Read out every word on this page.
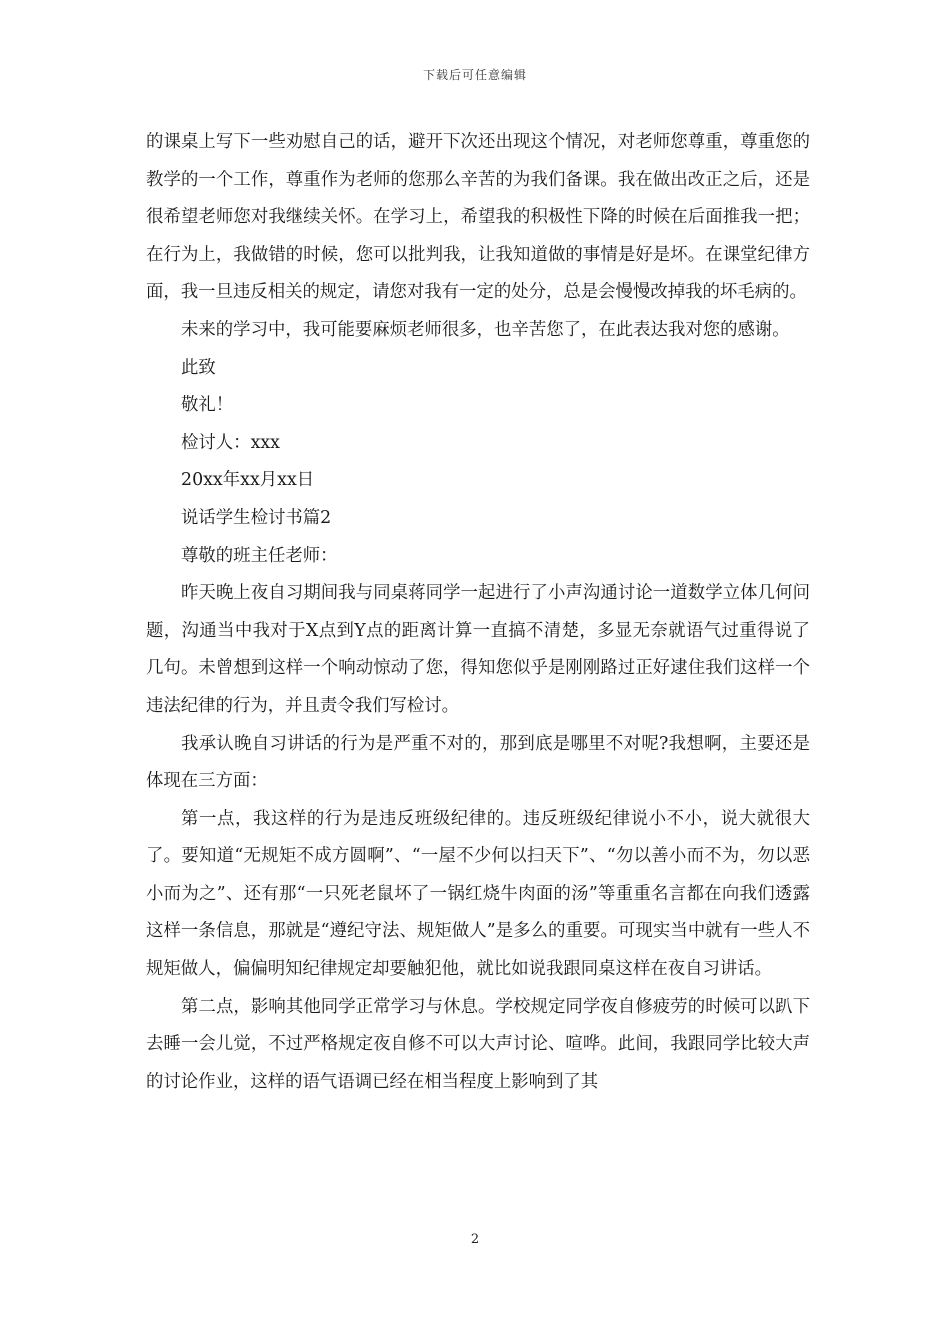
下载后可任意编辑

的课桌上写下一些劝慰自己的话，避开下次还出现这个情况，对老师您尊重，尊重您的教学的一个工作，尊重作为老师的您那么辛苦的为我们备课。我在做出改正之后，还是很希望老师您对我继续关怀。在学习上，希望我的积极性下降的时候在后面推我一把；在行为上，我做错的时候，您可以批判我，让我知道做的事情是好是坏。在课堂纪律方面，我一旦违反相关的规定，请您对我有一定的处分，总是会慢慢改掉我的坏毛病的。

未来的学习中，我可能要麻烦老师很多，也辛苦您了，在此表达我对您的感谢。

此致

敬礼！

检讨人：xxx

20xx年xx月xx日

说话学生检讨书篇2

尊敬的班主任老师：

昨天晚上夜自习期间我与同桌蒋同学一起进行了小声沟通讨论一道数学立体几何问题，沟通当中我对于X点到Y点的距离计算一直搞不清楚，多显无奈就语气过重得说了几句。未曾想到这样一个响动惊动了您，得知您似乎是刚刚路过正好逮住我们这样一个违法纪律的行为，并且责令我们写检讨。

我承认晚自习讲话的行为是严重不对的，那到底是哪里不对呢?我想啊，主要还是体现在三方面：

第一点，我这样的行为是违反班级纪律的。违反班级纪律说小不小，说大就很大了。要知道“无规矩不成方圆啊”、“一屋不少何以扫天下”、“勿以善小而不为，勿以恶小而为之”、还有那“一只死老鼠坏了一锅红烧牛肉面的汤”等重重名言都在向我们透露这样一条信息，那就是“遵纪守法、规矩做人”是多么的重要。可现实当中就有一些人不规矩做人，偏偏明知纪律规定却要触犯他，就比如说我跟同桌这样在夜自习讲话。

第二点，影响其他同学正常学习与休息。学校规定同学夜自修疲劳的时候可以趴下去睡一会儿觉，不过严格规定夜自修不可以大声讨论、喧哗。此间，我跟同学比较大声的讨论作业，这样的语气语调已经在相当程度上影响到了其

2
